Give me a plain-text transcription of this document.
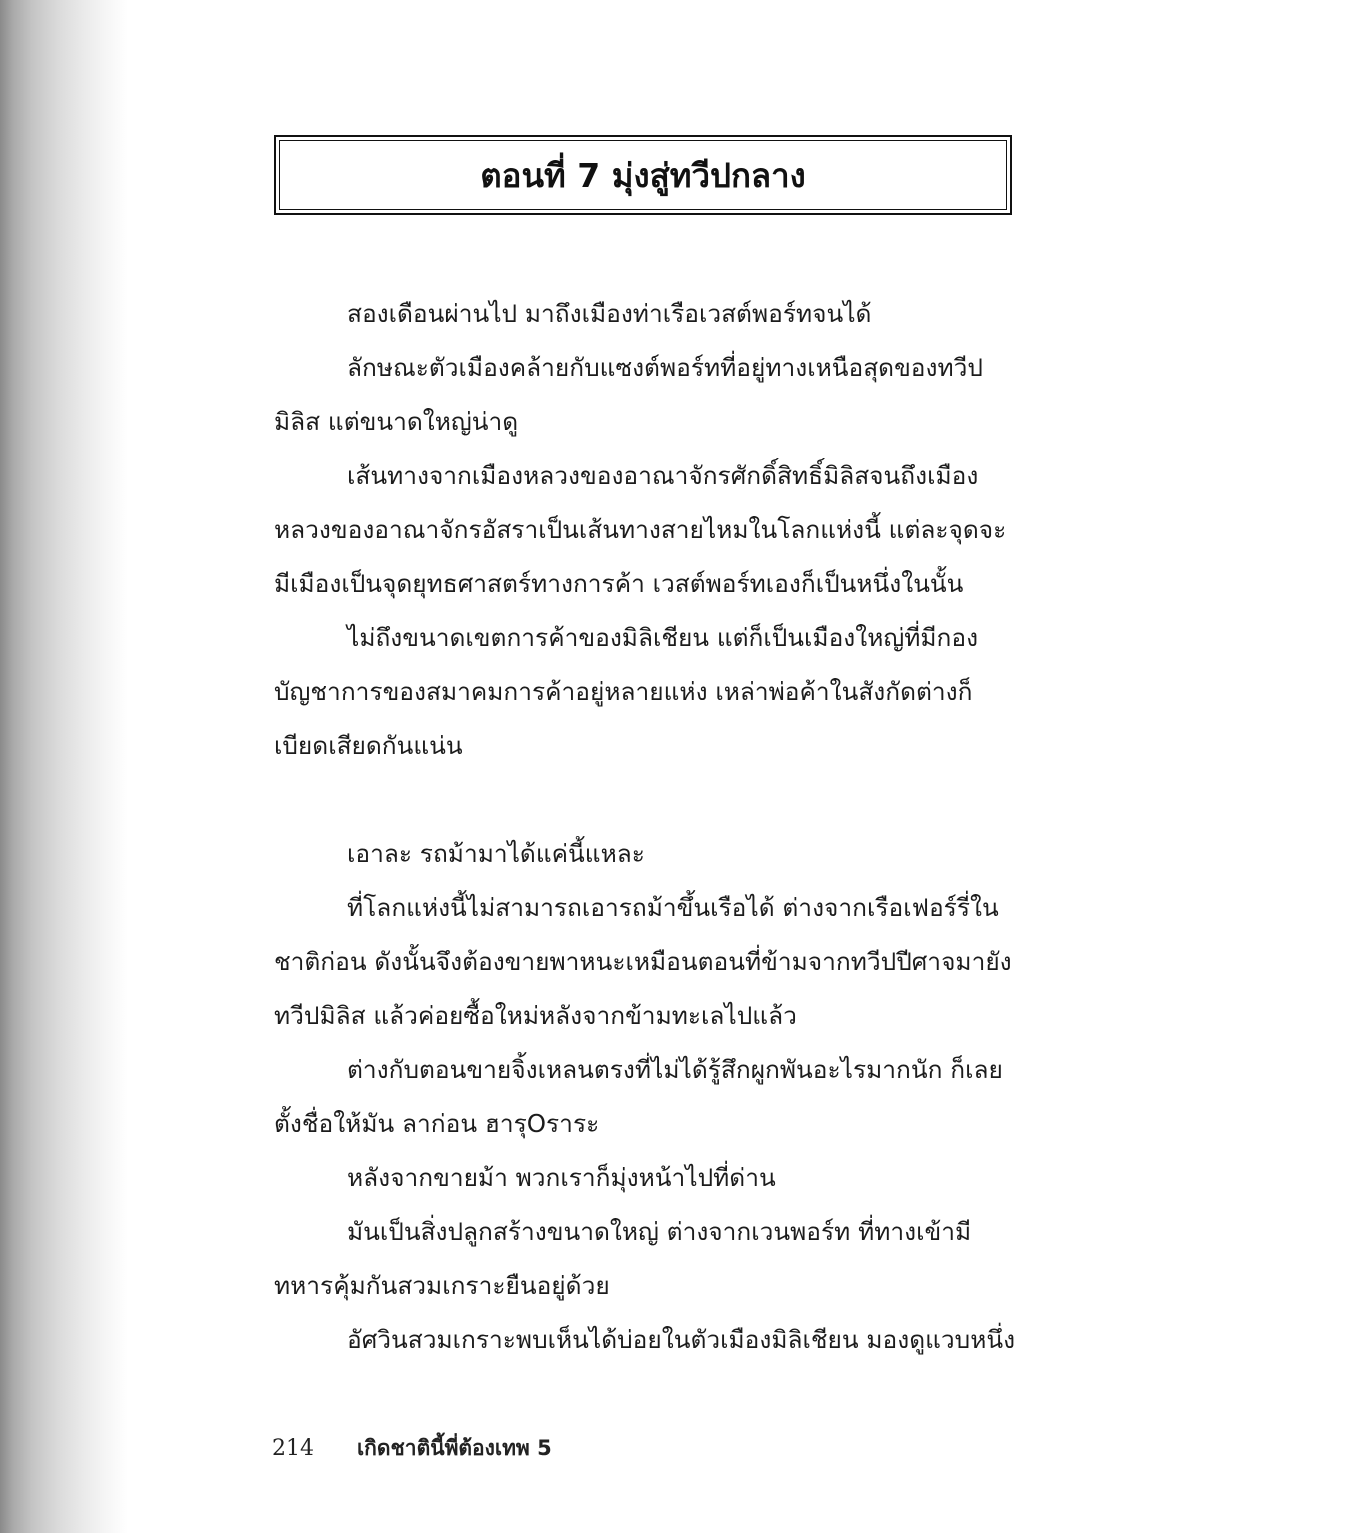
ตอนที่ 7 มุ่งสู่ทวีปกลาง
สองเดือนผ่านไป มาถึงเมืองท่าเรือเวสต์พอร์ทจนได้
ลักษณะตัวเมืองคล้ายกับแซงต์พอร์ทที่อยู่ทางเหนือสุดของทวีป
มิลิส แต่ขนาดใหญ่น่าดู
เส้นทางจากเมืองหลวงของอาณาจักรศักดิ์สิทธิ์มิลิสจนถึงเมือง
หลวงของอาณาจักรอัสราเป็นเส้นทางสายไหมในโลกแห่งนี้ แต่ละจุดจะ
มีเมืองเป็นจุดยุทธศาสตร์ทางการค้า เวสต์พอร์ทเองก็เป็นหนึ่งในนั้น
ไม่ถึงขนาดเขตการค้าของมิลิเชียน แต่ก็เป็นเมืองใหญ่ที่มีกอง
บัญชาการของสมาคมการค้าอยู่หลายแห่ง เหล่าพ่อค้าในสังกัดต่างก็
เบียดเสียดกันแน่น
เอาละ รถม้ามาได้แค่นี้แหละ
ที่โลกแห่งนี้ไม่สามารถเอารถม้าขึ้นเรือได้ ต่างจากเรือเฟอร์รี่ใน
ชาติก่อน ดังนั้นจึงต้องขายพาหนะเหมือนตอนที่ข้ามจากทวีปปีศาจมายัง
ทวีปมิลิส แล้วค่อยซื้อใหม่หลังจากข้ามทะเลไปแล้ว
ต่างกับตอนขายจิ้งเหลนตรงที่ไม่ได้รู้สึกผูกพันอะไรมากนัก ก็เลย
ตั้งชื่อให้มัน ลาก่อน ฮารุOราระ
หลังจากขายม้า พวกเราก็มุ่งหน้าไปที่ด่าน
มันเป็นสิ่งปลูกสร้างขนาดใหญ่ ต่างจากเวนพอร์ท ที่ทางเข้ามี
ทหารคุ้มกันสวมเกราะยืนอยู่ด้วย
อัศวินสวมเกราะพบเห็นได้บ่อยในตัวเมืองมิลิเชียน มองดูแวบหนึ่ง
214 เกิดชาตินี้พี่ต้องเทพ 5
